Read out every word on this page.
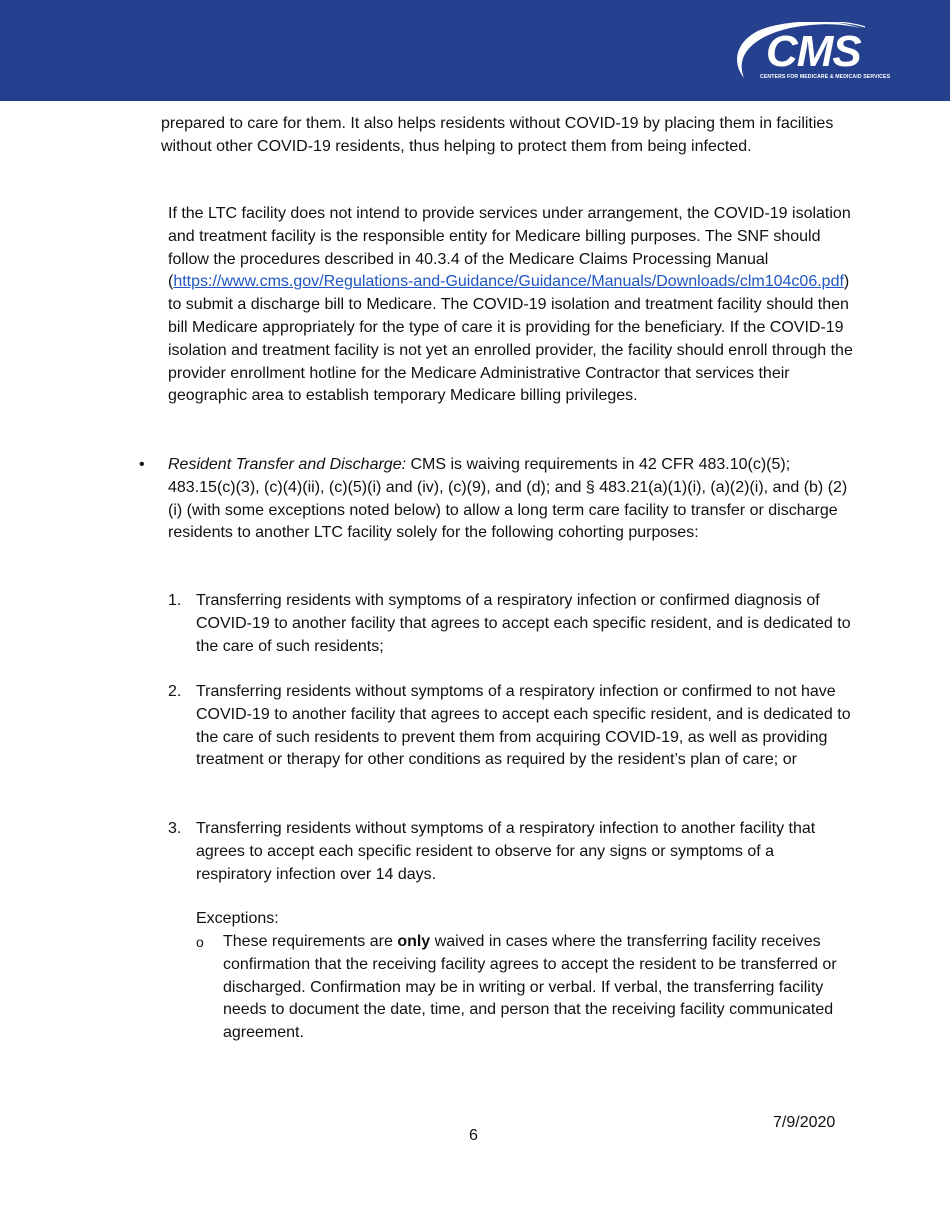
CMS
CENTERS FOR MEDICARE & MEDICAID SERVICES

prepared to care for them. It also helps residents without COVID-19 by placing them in facilities without other COVID-19 residents, thus helping to protect them from being infected.

If the LTC facility does not intend to provide services under arrangement, the COVID-19 isolation and treatment facility is the responsible entity for Medicare billing purposes. The SNF should follow the procedures described in 40.3.4 of the Medicare Claims Processing Manual (https://www.cms.gov/Regulations-and-Guidance/Guidance/Manuals/Downloads/clm104c06.pdf) to submit a discharge bill to Medicare. The COVID-19 isolation and treatment facility should then bill Medicare appropriately for the type of care it is providing for the beneficiary. If the COVID-19 isolation and treatment facility is not yet an enrolled provider, the facility should enroll through the provider enrollment hotline for the Medicare Administrative Contractor that services their geographic area to establish temporary Medicare billing privileges.

• Resident Transfer and Discharge: CMS is waiving requirements in 42 CFR 483.10(c)(5); 483.15(c)(3), (c)(4)(ii), (c)(5)(i) and (iv), (c)(9), and (d); and § 483.21(a)(1)(i), (a)(2)(i), and (b) (2)(i) (with some exceptions noted below) to allow a long term care facility to transfer or discharge residents to another LTC facility solely for the following cohorting purposes:

1. Transferring residents with symptoms of a respiratory infection or confirmed diagnosis of COVID-19 to another facility that agrees to accept each specific resident, and is dedicated to the care of such residents;

2. Transferring residents without symptoms of a respiratory infection or confirmed to not have COVID-19 to another facility that agrees to accept each specific resident, and is dedicated to the care of such residents to prevent them from acquiring COVID-19, as well as providing treatment or therapy for other conditions as required by the resident’s plan of care; or

3. Transferring residents without symptoms of a respiratory infection to another facility that agrees to accept each specific resident to observe for any signs or symptoms of a respiratory infection over 14 days.

Exceptions:

o These requirements are only waived in cases where the transferring facility receives confirmation that the receiving facility agrees to accept the resident to be transferred or discharged. Confirmation may be in writing or verbal. If verbal, the transferring facility needs to document the date, time, and person that the receiving facility communicated agreement.

7/9/2020
6
